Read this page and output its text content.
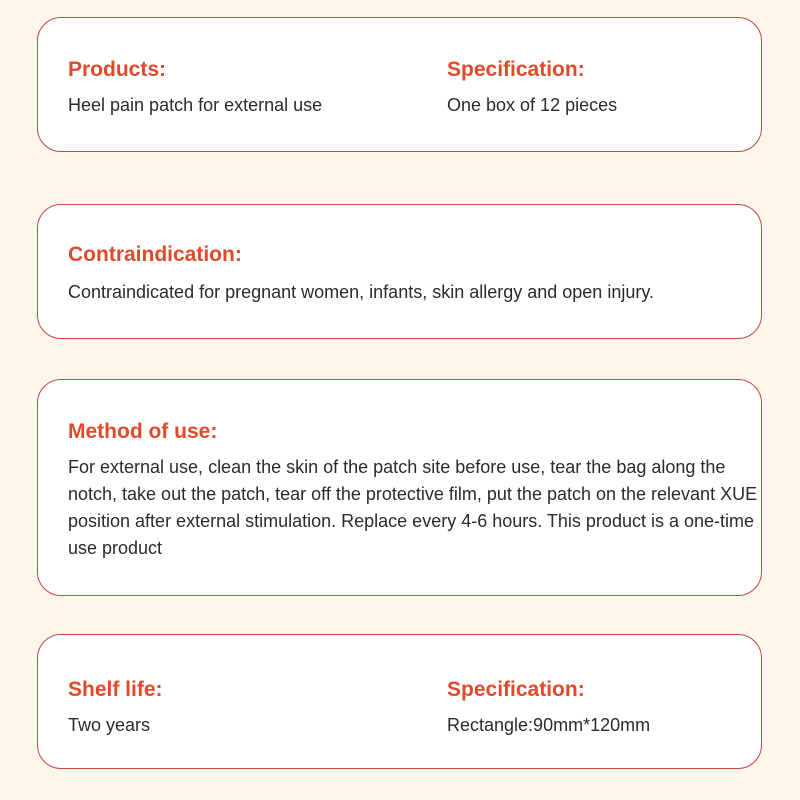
Products:
Heel pain patch for external use
Specification:
One box of 12 pieces
Contraindication:
Contraindicated for pregnant women, infants, skin allergy and open injury.
Method of use:
For external use, clean the skin of the patch site before use, tear the bag along the notch, take out the patch, tear off the protective film, put the patch on the relevant XUE position after external stimulation. Replace every 4-6 hours. This product is a one-time use product
Shelf life:
Two years
Specification:
Rectangle:90mm*120mm
